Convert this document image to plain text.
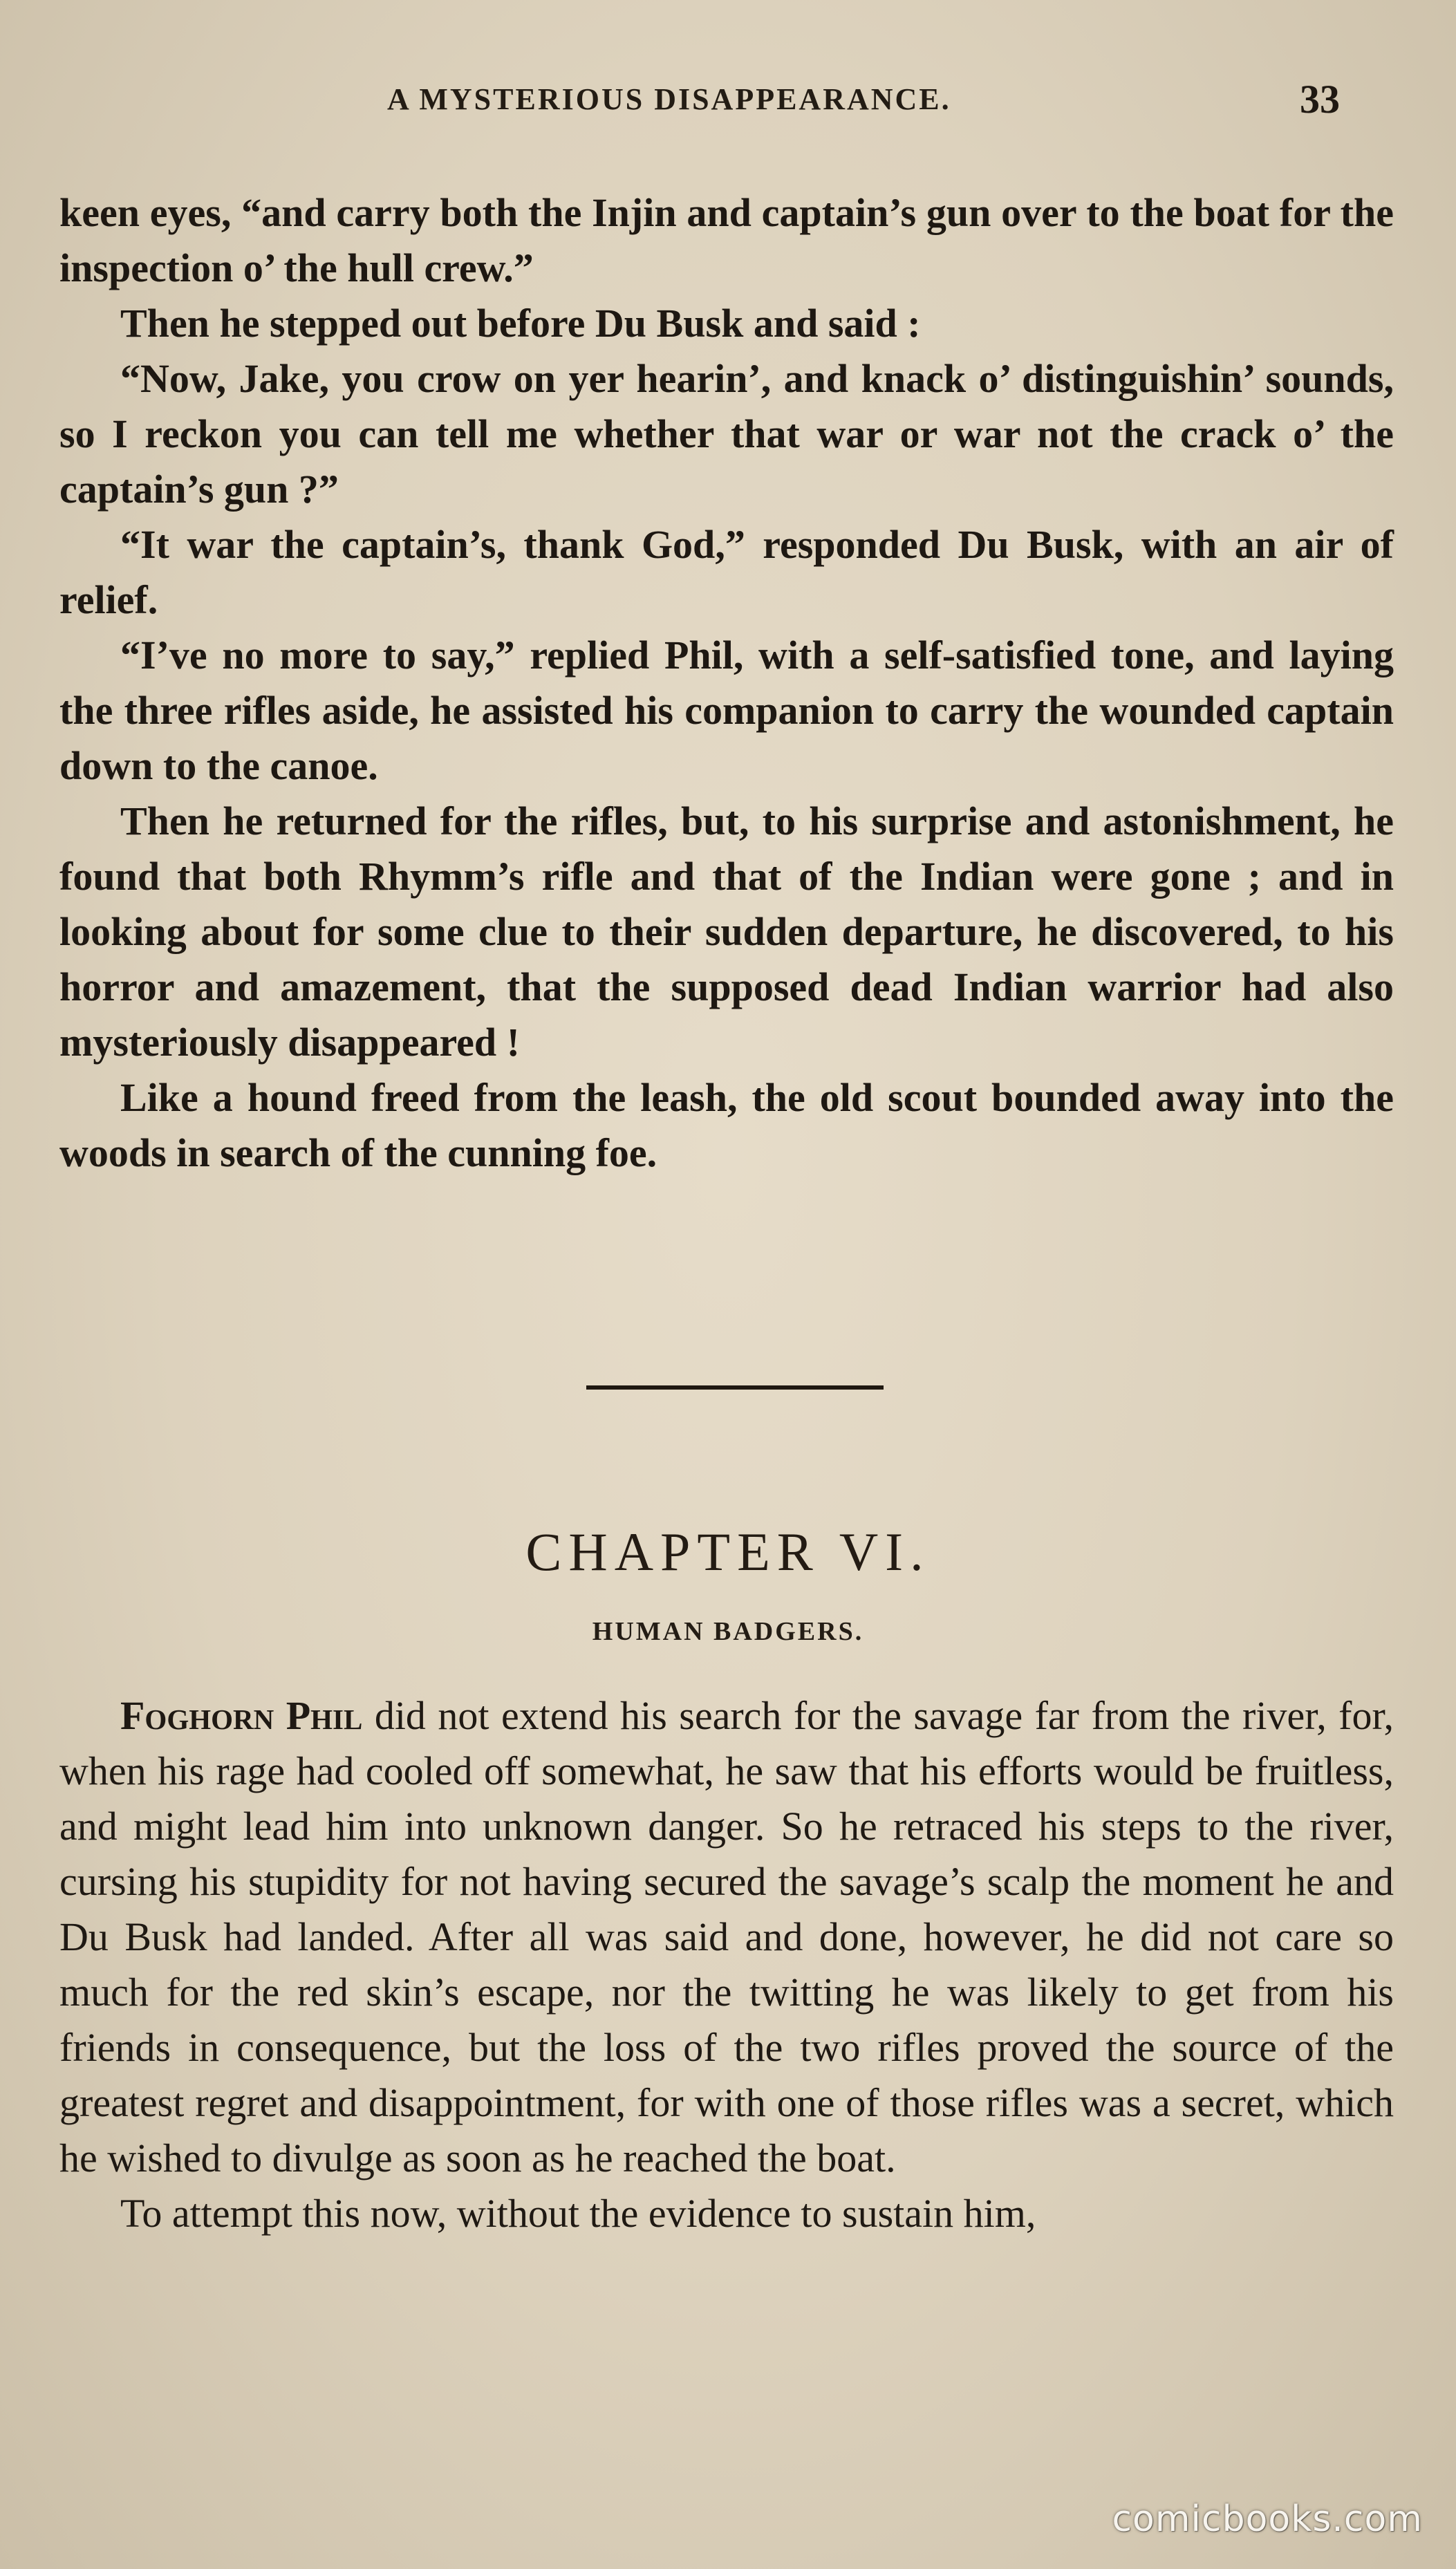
A MYSTERIOUS DISAPPEARANCE.	33

keen eyes, “and carry both the Injin and captain’s gun over to the boat for the inspection o’ the hull crew.”

Then he stepped out before Du Busk and said :

“Now, Jake, you crow on yer hearin’, and knack o’ distinguishin’ sounds, so I reckon you can tell me whether that war or war not the crack o’ the captain’s gun ?”

“It war the captain’s, thank God,” responded Du Busk, with an air of relief.

“I’ve no more to say,” replied Phil, with a self-satisfied tone, and laying the three rifles aside, he assisted his companion to carry the wounded captain down to the canoe.

Then he returned for the rifles, but, to his surprise and astonishment, he found that both Rhymm’s rifle and that of the Indian were gone ; and in looking about for some clue to their sudden departure, he discovered, to his horror and amazement, that the supposed dead Indian warrior had also mysteriously disappeared !

Like a hound freed from the leash, the old scout bounded away into the woods in search of the cunning foe.

CHAPTER VI.
HUMAN BADGERS.

Foghorn Phil did not extend his search for the savage far from the river, for, when his rage had cooled off somewhat, he saw that his efforts would be fruitless, and might lead him into unknown danger. So he retraced his steps to the river, cursing his stupidity for not having secured the savage’s scalp the moment he and Du Busk had landed. After all was said and done, however, he did not care so much for the red skin’s escape, nor the twitting he was likely to get from his friends in consequence, but the loss of the two rifles proved the source of the greatest regret and disappointment, for with one of those rifles was a secret, which he wished to divulge as soon as he reached the boat.

To attempt this now, without the evidence to sustain him,

comicbooks.com
